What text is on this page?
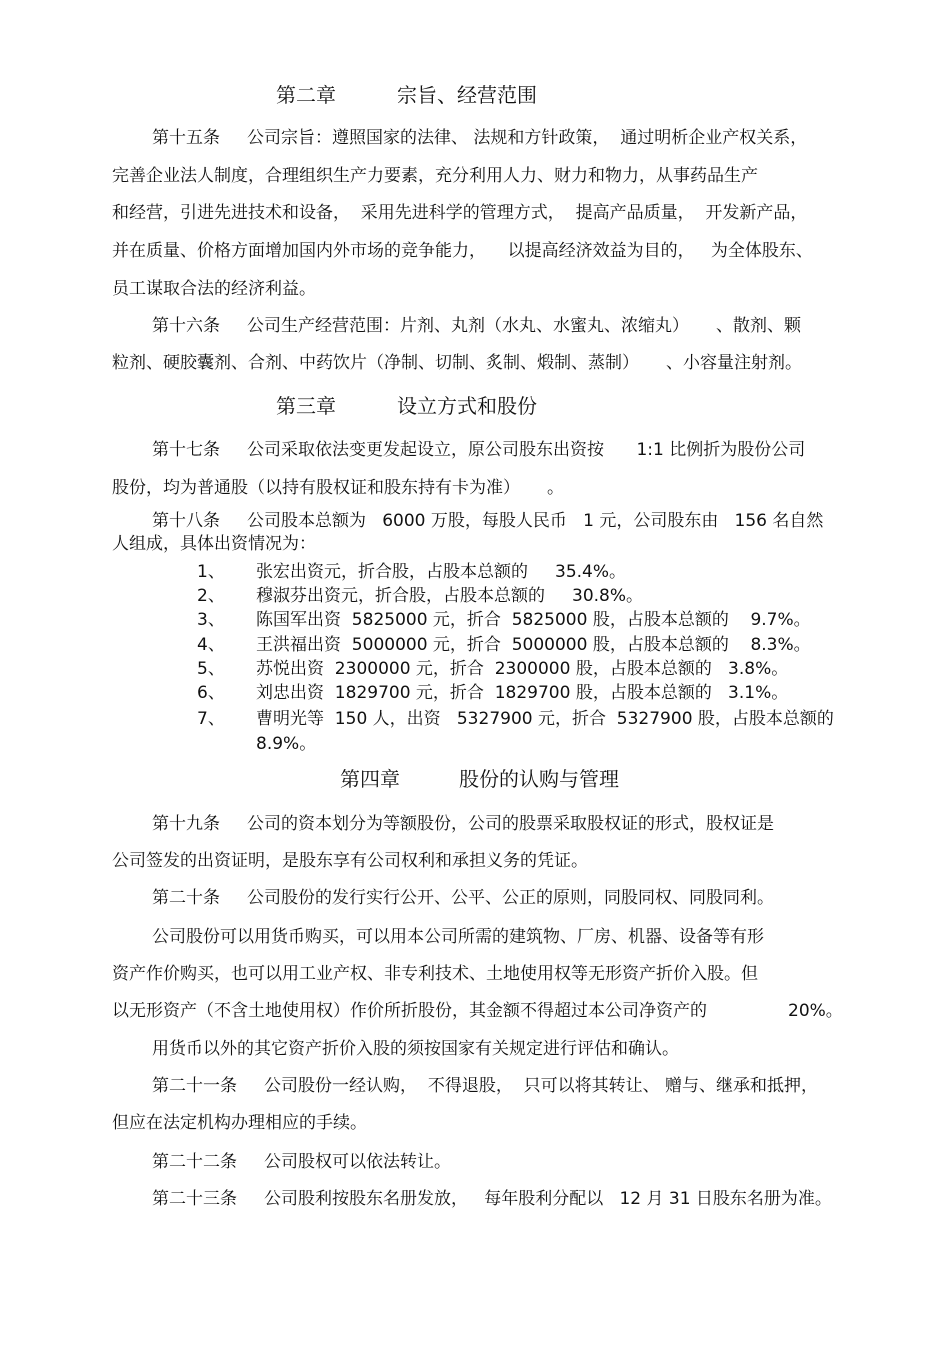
第二章	宗旨、经营范围
第十五条     公司宗旨：遵照国家的法律、 法规和方针政策，  通过明析企业产权关系，
完善企业法人制度，合理组织生产力要素，充分利用人力、财力和物力，从事药品生产
和经营，引进先进技术和设备，  采用先进科学的管理方式，  提高产品质量，  开发新产品，
并在质量、价格方面增加国内外市场的竞争能力，    以提高经济效益为目的，   为全体股东、
员工谋取合法的经济利益。
第十六条     公司生产经营范围：片剂、丸剂（水丸、水蜜丸、浓缩丸）     、散剂、颗
粒剂、硬胶囊剂、合剂、中药饮片（净制、切制、炙制、煅制、蒸制）     、小容量注射剂。
第三章	设立方式和股份
第十七条     公司采取依法变更发起设立，原公司股东出资按      1:1 比例折为股份公司
股份，均为普通股（以持有股权证和股东持有卡为准）     。
第十八条     公司股本总额为   6000 万股，每股人民币   1 元，公司股东由   156 名自然
人组成，具体出资情况为：
1、 张宏出资元，折合股，占股本总额的     35.4%。
2、 穆淑芬出资元，折合股，占股本总额的     30.8%。
3、 陈国军出资  5825000 元，折合  5825000 股，占股本总额的    9.7%。
4、 王洪福出资  5000000 元，折合  5000000 股，占股本总额的    8.3%。
5、 苏悦出资  2300000 元，折合  2300000 股，占股本总额的   3.8%。
6、 刘忠出资  1829700 元，折合  1829700 股，占股本总额的   3.1%。
7、 曹明光等  150 人，出资   5327900 元，折合  5327900 股，占股本总额的
8.9%。
第四章	股份的认购与管理
第十九条     公司的资本划分为等额股份，公司的股票采取股权证的形式，股权证是
公司签发的出资证明，是股东享有公司权利和承担义务的凭证。
第二十条     公司股份的发行实行公开、公平、公正的原则，同股同权、同股同利。
公司股份可以用货币购买，可以用本公司所需的建筑物、厂房、机器、设备等有形
资产作价购买，也可以用工业产权、非专利技术、土地使用权等无形资产折价入股。但
以无形资产（不含土地使用权）作价所折股份，其金额不得超过本公司净资产的	20%。
用货币以外的其它资产折价入股的须按国家有关规定进行评估和确认。
第二十一条     公司股份一经认购，  不得退股，  只可以将其转让、 赠与、继承和抵押，
但应在法定机构办理相应的手续。
第二十二条     公司股权可以依法转让。
第二十三条     公司股利按股东名册发放，   每年股利分配以   12 月 31 日股东名册为准。
